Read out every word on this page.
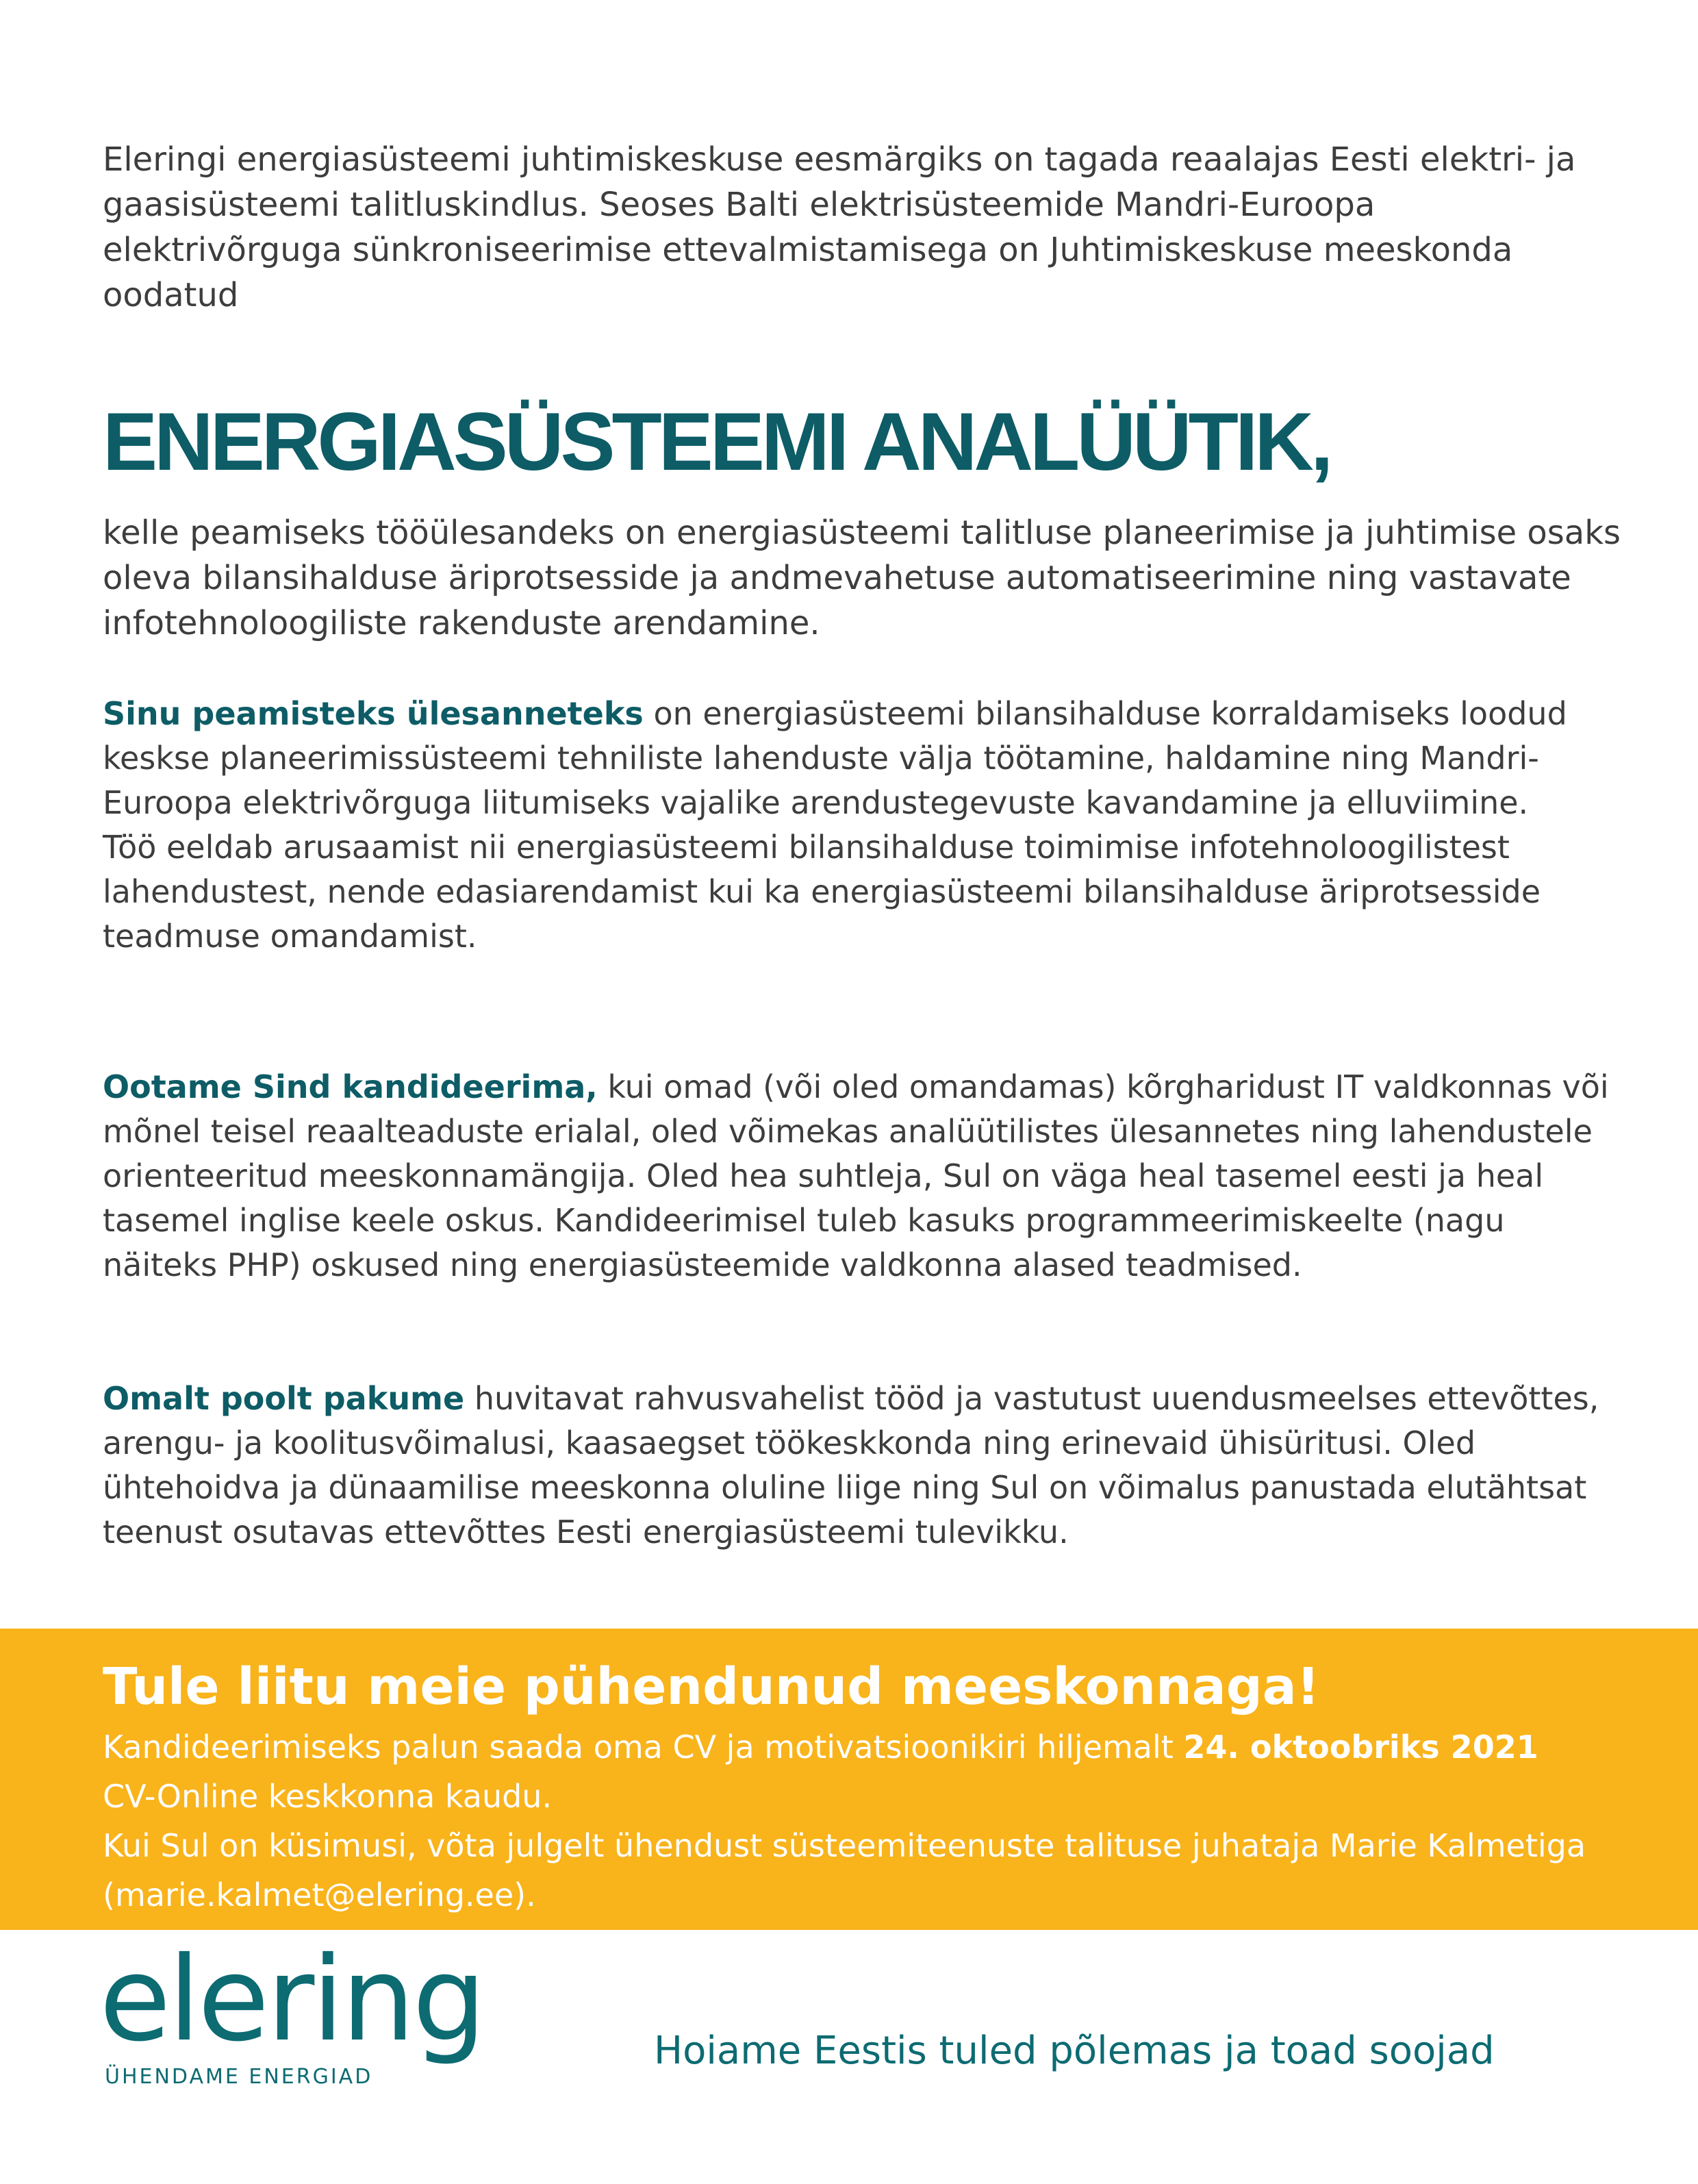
Eleringi energiasüsteemi juhtimiskeskuse eesmärgiks on tagada reaalajas Eesti elektri- ja gaasisüsteemi talitluskindlus. Seoses Balti elektrisüsteemide Mandri-Euroopa elektrivõrguga sünkroniseerimise ettevalmistamisega on Juhtimiskeskuse meeskonda oodatud

ENERGIASÜSTEEMI ANALÜÜTIK,

kelle peamiseks tööülesandeks on energiasüsteemi talitluse planeerimise ja juhtimise osaks oleva bilansihalduse äriprotsesside ja andmevahetuse automatiseerimine ning vastavate infotehnoloogiliste rakenduste arendamine.

Sinu peamisteks ülesanneteks on energiasüsteemi bilansihalduse korraldamiseks loodud keskse planeerimissüsteemi tehniliste lahenduste välja töötamine, haldamine ning Mandri-Euroopa elektrivõrguga liitumiseks vajalike arendustegevuste kavandamine ja elluviimine.
Töö eeldab arusaamist nii energiasüsteemi bilansihalduse toimimise infotehnoloogilistest lahendustest, nende edasiarendamist kui ka energiasüsteemi bilansihalduse äriprotsesside teadmuse omandamist.
Ootame Sind kandideerima, kui omad (või oled omandamas) kõrgharidust IT valdkonnas või mõnel teisel reaalteaduste erialal, oled võimekas analüütilistes ülesannetes ning lahendustele orienteeritud meeskonnamängija. Oled hea suhtleja, Sul on väga heal tasemel eesti ja heal tasemel inglise keele oskus. Kandideerimisel tuleb kasuks programmeerimiskeelte (nagu näiteks PHP) oskused ning energiasüsteemide valdkonna alased teadmised.
Omalt poolt pakume huvitavat rahvusvahelist tööd ja vastutust uuendusmeelses ettevõttes, arengu- ja koolitusvõimalusi, kaasaegset töökeskkonda ning erinevaid ühisüritusi. Oled ühtehoidva ja dünaamilise meeskonna oluline liige ning Sul on võimalus panustada elutähtsat teenust osutavas ettevõttes Eesti energiasüsteemi tulevikku.
Tule liitu meie pühendunud meeskonnaga!

Kandideerimiseks palun saada oma CV ja motivatsioonikiri hiljemalt 24. oktoobriks 2021
CV-Online keskkonna kaudu.
Kui Sul on küsimusi, võta julgelt ühendust süsteemiteenuste talituse juhataja Marie Kalmetiga (marie.kalmet@elering.ee).

elering
ÜHENDAME ENERGIAD

Hoiame Eestis tuled põlemas ja toad soojad
